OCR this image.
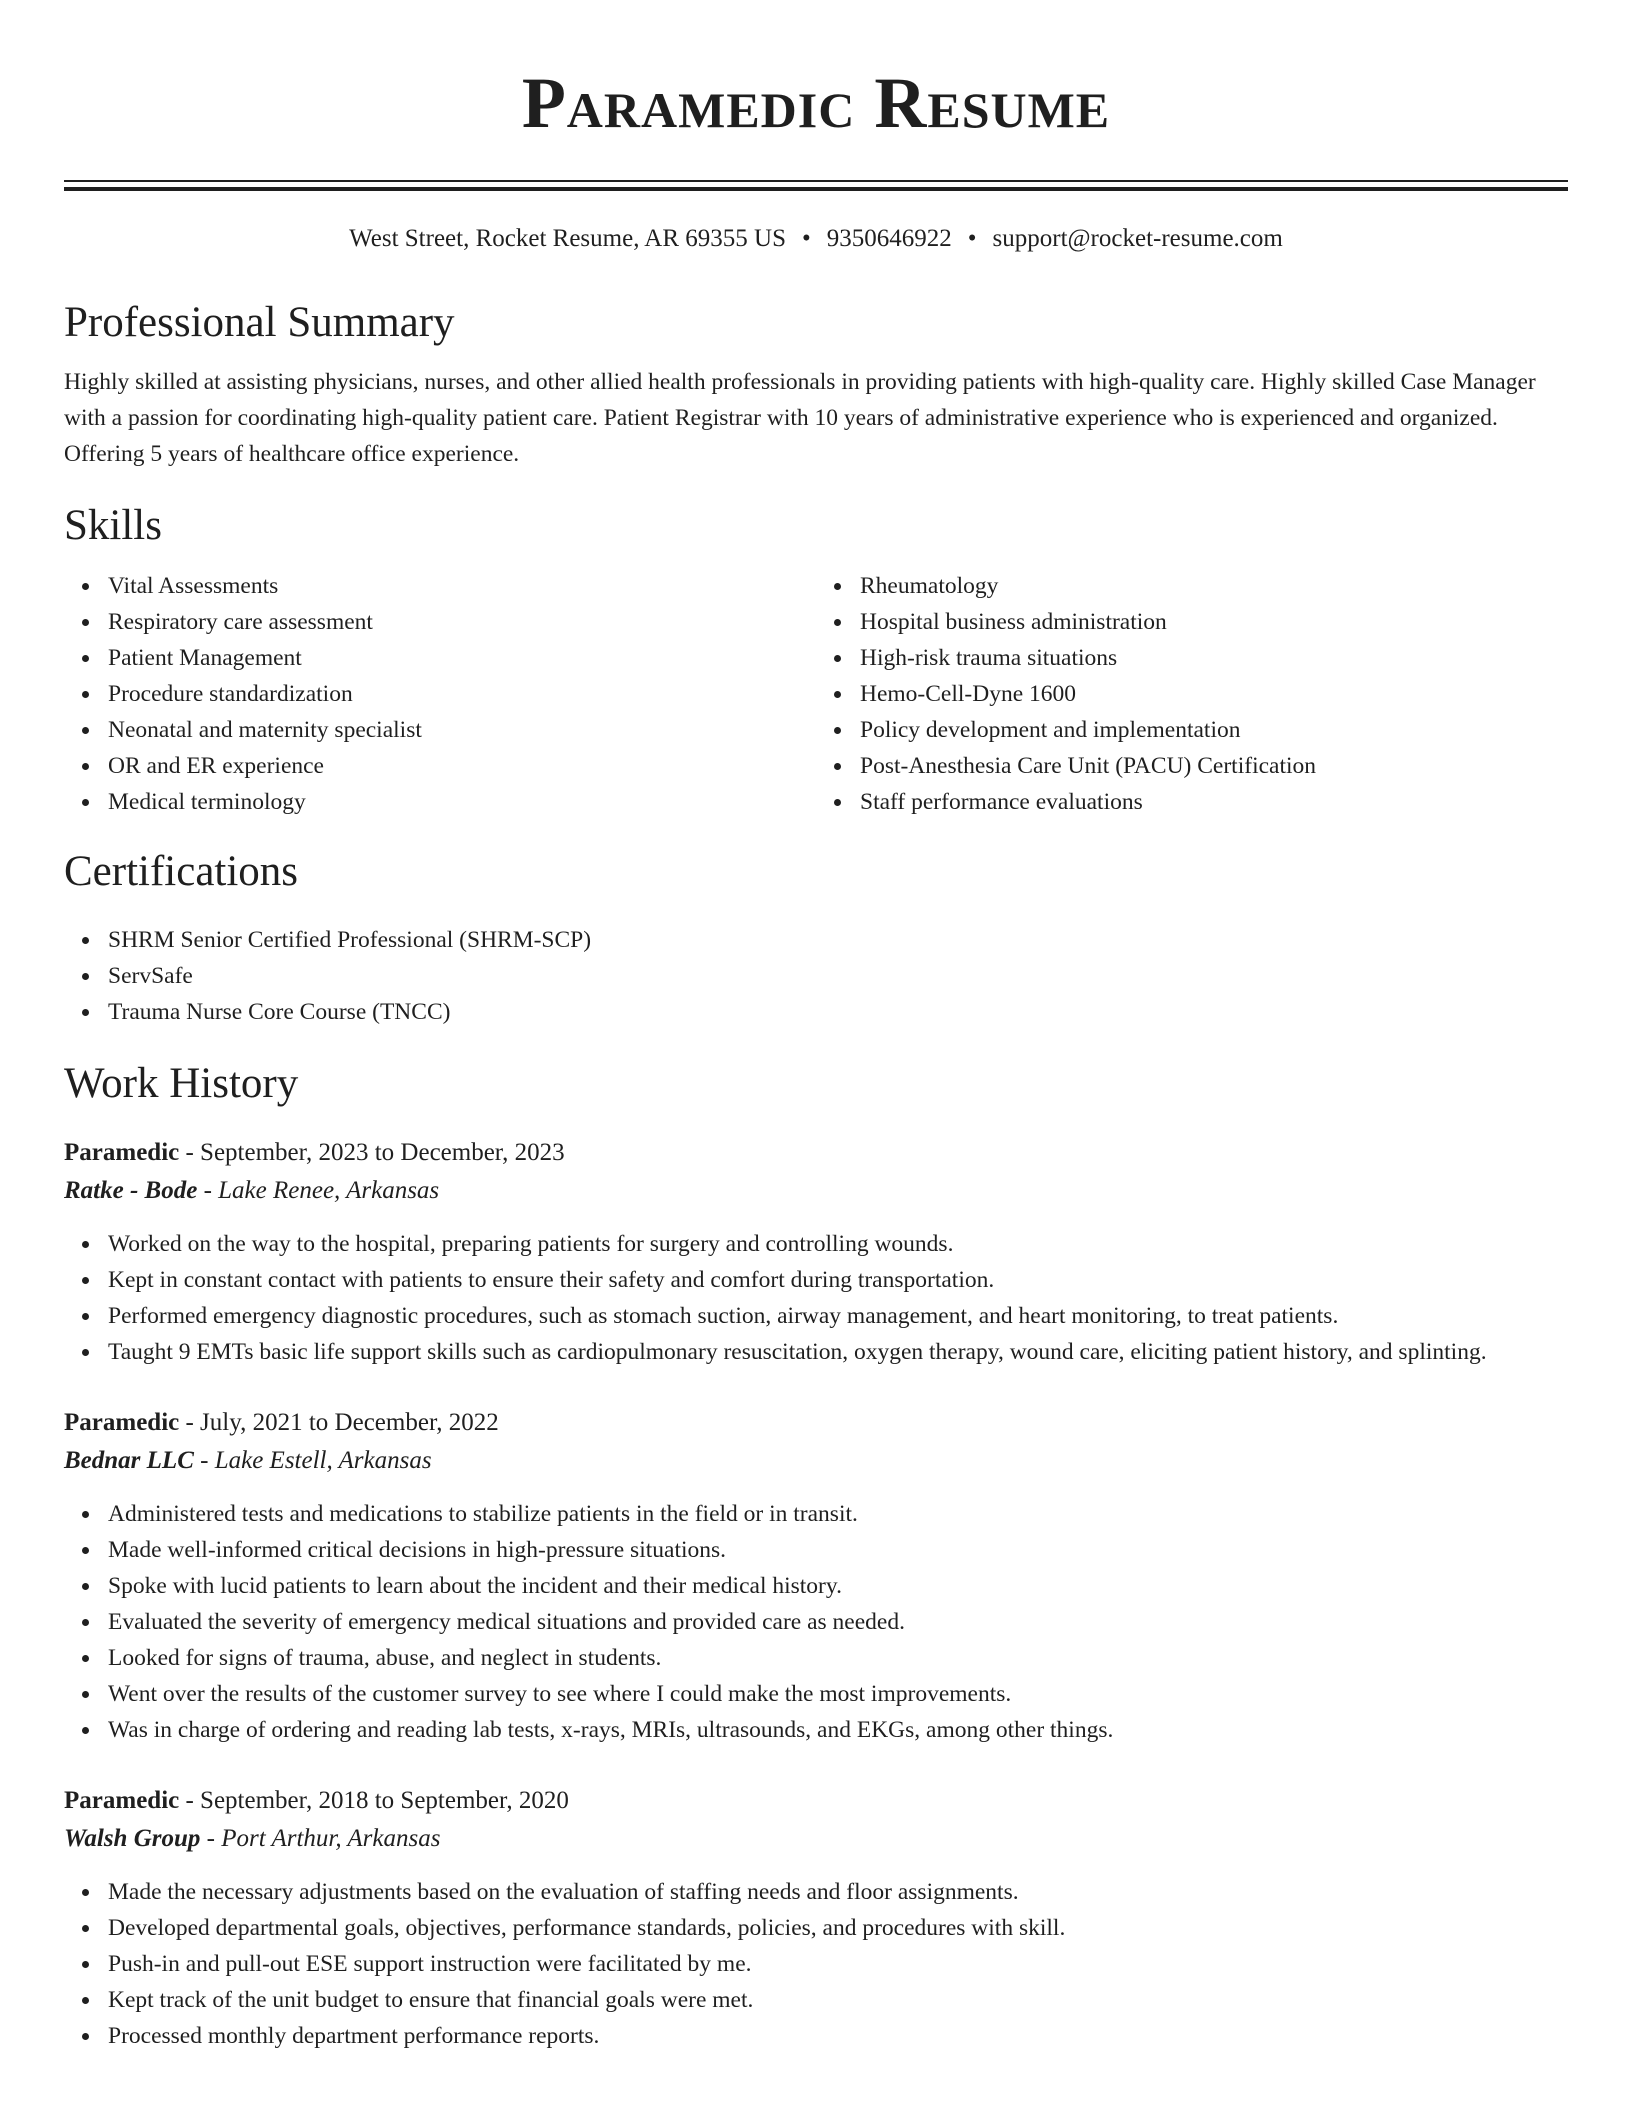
Paramedic Resume
West Street, Rocket Resume, AR 69355 US • 9350646922 • support@rocket-resume.com
Professional Summary

Highly skilled at assisting physicians, nurses, and other allied health professionals in providing patients with high-quality care. Highly skilled Case Manager with a passion for coordinating high-quality patient care. Patient Registrar with 10 years of administrative experience who is experienced and organized. Offering 5 years of healthcare office experience.

Skills
Vital Assessments
Respiratory care assessment
Patient Management
Procedure standardization
Neonatal and maternity specialist
OR and ER experience
Medical terminology
Rheumatology
Hospital business administration
High-risk trauma situations
Hemo-Cell-Dyne 1600
Policy development and implementation
Post-Anesthesia Care Unit (PACU) Certification
Staff performance evaluations
Certifications
SHRM Senior Certified Professional (SHRM-SCP)
ServSafe
Trauma Nurse Core Course (TNCC)
Work History
Paramedic - September, 2023 to December, 2023
Ratke - Bode - Lake Renee, Arkansas
Worked on the way to the hospital, preparing patients for surgery and controlling wounds.
Kept in constant contact with patients to ensure their safety and comfort during transportation.
Performed emergency diagnostic procedures, such as stomach suction, airway management, and heart monitoring, to treat patients.
Taught 9 EMTs basic life support skills such as cardiopulmonary resuscitation, oxygen therapy, wound care, eliciting patient history, and splinting.
Paramedic - July, 2021 to December, 2022
Bednar LLC - Lake Estell, Arkansas
Administered tests and medications to stabilize patients in the field or in transit.
Made well-informed critical decisions in high-pressure situations.
Spoke with lucid patients to learn about the incident and their medical history.
Evaluated the severity of emergency medical situations and provided care as needed.
Looked for signs of trauma, abuse, and neglect in students.
Went over the results of the customer survey to see where I could make the most improvements.
Was in charge of ordering and reading lab tests, x-rays, MRIs, ultrasounds, and EKGs, among other things.
Paramedic - September, 2018 to September, 2020
Walsh Group - Port Arthur, Arkansas
Made the necessary adjustments based on the evaluation of staffing needs and floor assignments.
Developed departmental goals, objectives, performance standards, policies, and procedures with skill.
Push-in and pull-out ESE support instruction were facilitated by me.
Kept track of the unit budget to ensure that financial goals were met.
Processed monthly department performance reports.
